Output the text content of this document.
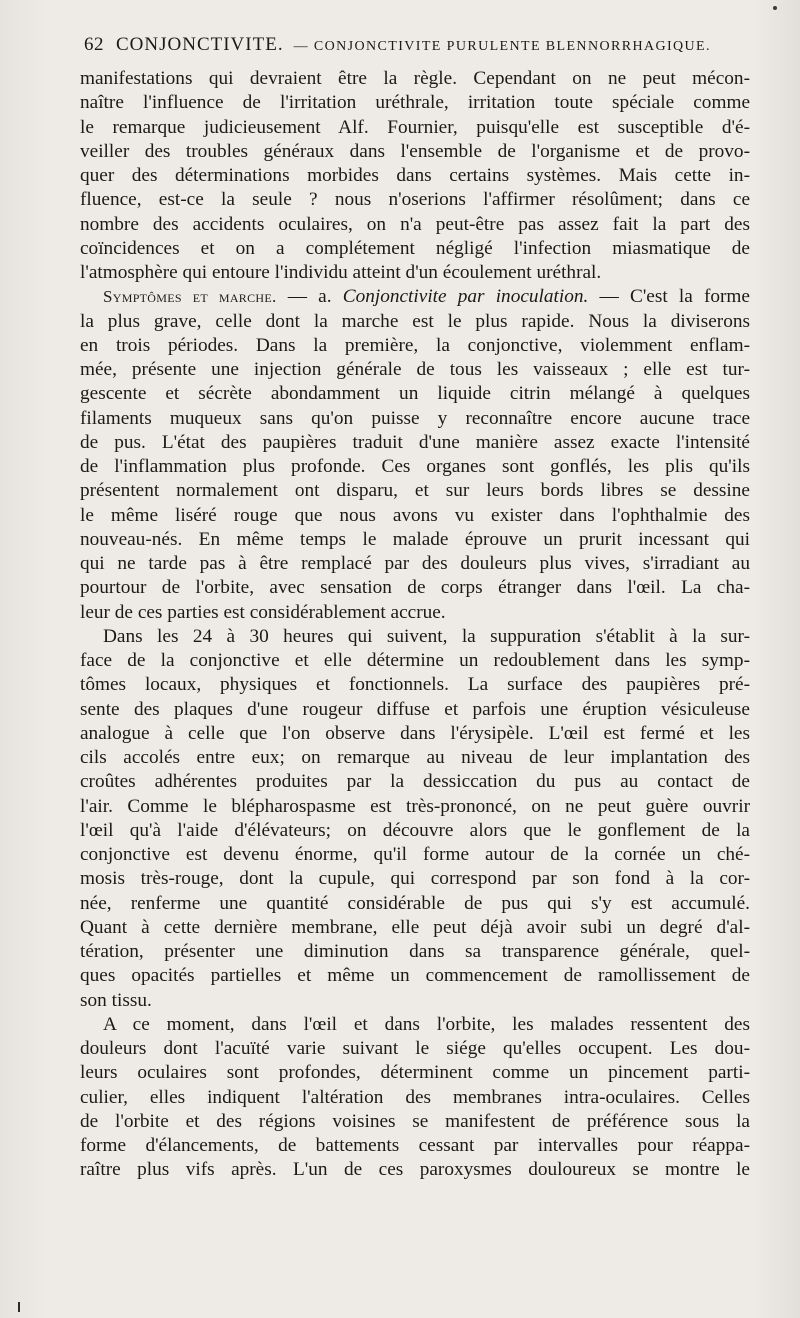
62 CONJONCTIVITE. — CONJONCTIVITE PURULENTE BLENNORRHAGIQUE.
manifestations qui devraient être la règle. Cependant on ne peut mécon-
naître l'influence de l'irritation uréthrale, irritation toute spéciale comme
le remarque judicieusement Alf. Fournier, puisqu'elle est susceptible d'é-
veiller des troubles généraux dans l'ensemble de l'organisme et de provo-
quer des déterminations morbides dans certains systèmes. Mais cette in-
fluence, est-ce la seule ? nous n'oserions l'affirmer résolûment; dans ce
nombre des accidents oculaires, on n'a peut-être pas assez fait la part des
coïncidences et on a complétement négligé l'infection miasmatique de
l'atmosphère qui entoure l'individu atteint d'un écoulement uréthral.
Symptômes et marche. — a. Conjonctivite par inoculation. — C'est la forme
la plus grave, celle dont la marche est le plus rapide. Nous la diviserons
en trois périodes. Dans la première, la conjonctive, violemment enflam-
mée, présente une injection générale de tous les vaisseaux ; elle est tur-
gescente et sécrète abondamment un liquide citrin mélangé à quelques
filaments muqueux sans qu'on puisse y reconnaître encore aucune trace
de pus. L'état des paupières traduit d'une manière assez exacte l'intensité
de l'inflammation plus profonde. Ces organes sont gonflés, les plis qu'ils
présentent normalement ont disparu, et sur leurs bords libres se dessine
le même liséré rouge que nous avons vu exister dans l'ophthalmie des
nouveau-nés. En même temps le malade éprouve un prurit incessant qui
qui ne tarde pas à être remplacé par des douleurs plus vives, s'irradiant au
pourtour de l'orbite, avec sensation de corps étranger dans l'œil. La cha-
leur de ces parties est considérablement accrue.
Dans les 24 à 30 heures qui suivent, la suppuration s'établit à la sur-
face de la conjonctive et elle détermine un redoublement dans les symp-
tômes locaux, physiques et fonctionnels. La surface des paupières pré-
sente des plaques d'une rougeur diffuse et parfois une éruption vésiculeuse
analogue à celle que l'on observe dans l'érysipèle. L'œil est fermé et les
cils accolés entre eux; on remarque au niveau de leur implantation des
croûtes adhérentes produites par la dessiccation du pus au contact de
l'air. Comme le blépharospasme est très-prononcé, on ne peut guère ouvrir
l'œil qu'à l'aide d'élévateurs; on découvre alors que le gonflement de la
conjonctive est devenu énorme, qu'il forme autour de la cornée un ché-
mosis très-rouge, dont la cupule, qui correspond par son fond à la cor-
née, renferme une quantité considérable de pus qui s'y est accumulé.
Quant à cette dernière membrane, elle peut déjà avoir subi un degré d'al-
tération, présenter une diminution dans sa transparence générale, quel-
ques opacités partielles et même un commencement de ramollissement de
son tissu.
A ce moment, dans l'œil et dans l'orbite, les malades ressentent des
douleurs dont l'acuïté varie suivant le siége qu'elles occupent. Les dou-
leurs oculaires sont profondes, déterminent comme un pincement parti-
culier, elles indiquent l'altération des membranes intra-oculaires. Celles
de l'orbite et des régions voisines se manifestent de préférence sous la
forme d'élancements, de battements cessant par intervalles pour réappa-
raître plus vifs après. L'un de ces paroxysmes douloureux se montre le
